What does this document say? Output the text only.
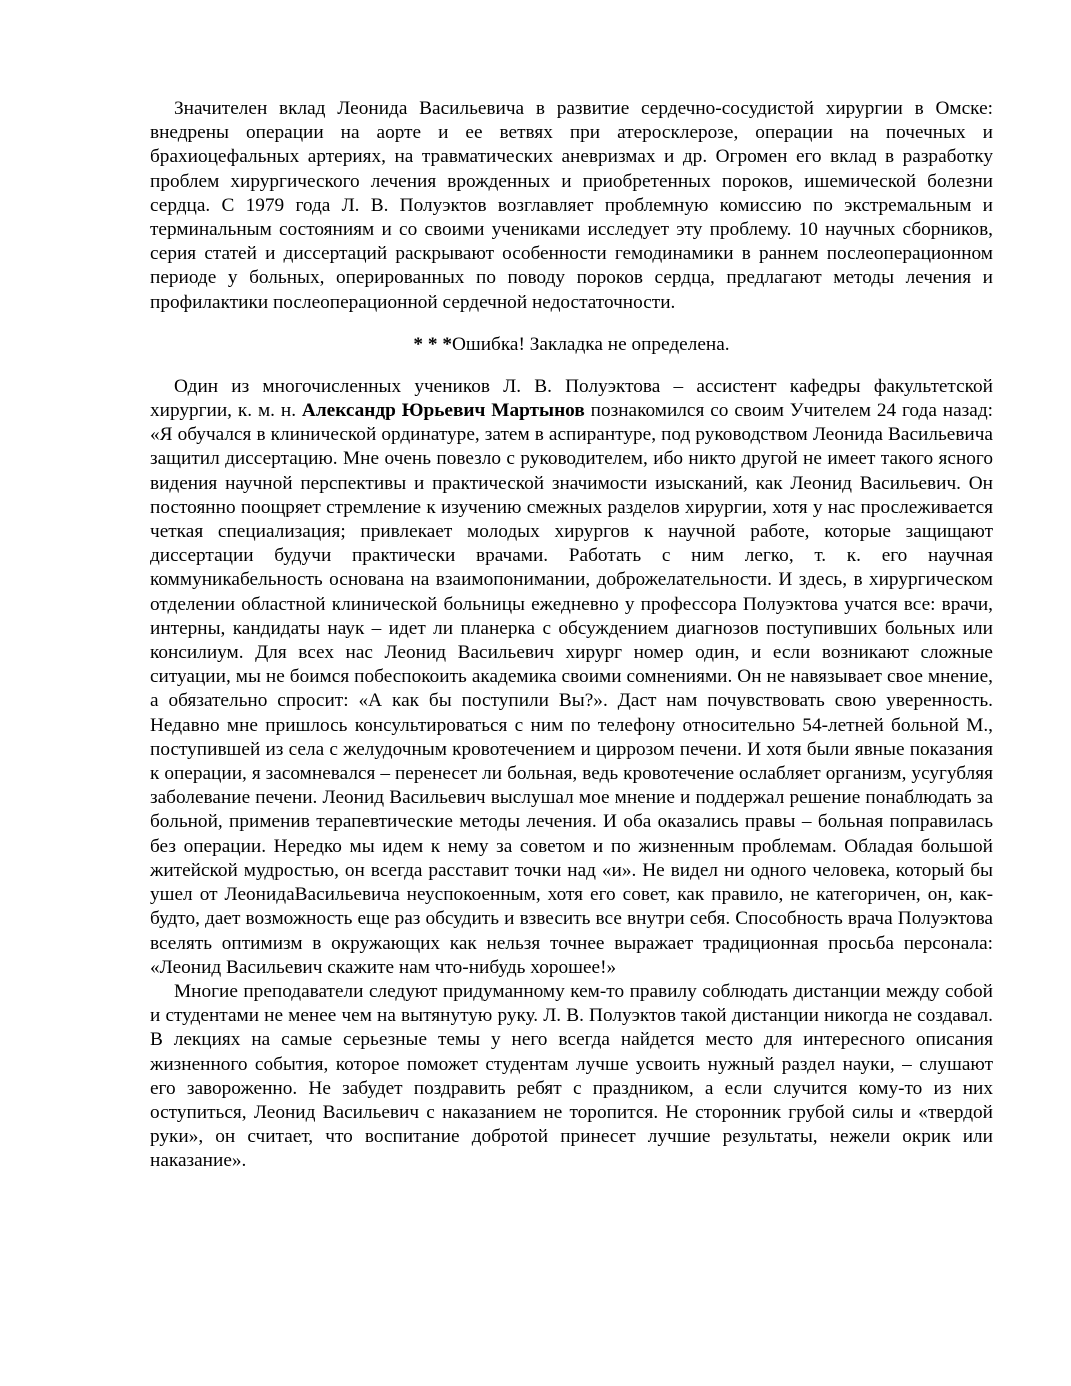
Значителен вклад Леонида Васильевича в развитие сердечно-сосудистой хирургии в Омске: внедрены операции на аорте и ее ветвях при атеросклерозе, операции на почечных и брахиоцефальных артериях, на травматических аневризмах и др. Огромен его вклад в разработку проблем хирургического лечения врожденных и приобретенных пороков, ишемической болезни сердца. С 1979 года Л. В. Полуэктов возглавляет проблемную комиссию по экстремальным и терминальным состояниям и со своими учениками исследует эту проблему. 10 научных сборников, серия статей и диссертаций раскрывают особенности гемодинамики в раннем послеоперационном периоде у больных, оперированных по поводу пороков сердца, предлагают методы лечения и профилактики послеоперационной сердечной недостаточности.

* * *Ошибка! Закладка не определена.

Один из многочисленных учеников Л. В. Полуэктова – ассистент кафедры факультетской хирургии, к. м. н. Александр Юрьевич Мартынов познакомился со своим Учителем 24 года назад: «Я обучался в клинической ординатуре, затем в аспирантуре, под руководством Леонида Васильевича защитил диссертацию. Мне очень повезло с руководителем, ибо никто другой не имеет такого ясного видения научной перспективы и практической значимости изысканий, как Леонид Васильевич. Он постоянно поощряет стремление к изучению смежных разделов хирургии, хотя у нас прослеживается четкая специализация; привлекает молодых хирургов к научной работе, которые защищают диссертации будучи практически врачами. Работать с ним легко, т. к. его научная коммуникабельность основана на взаимопонимании, доброжелательности. И здесь, в хирургическом отделении областной клинической больницы ежедневно у профессора Полуэктова учатся все: врачи, интерны, кандидаты наук – идет ли планерка с обсуждением диагнозов поступивших больных или консилиум. Для всех нас Леонид Васильевич хирург номер один, и если возникают сложные ситуации, мы не боимся побеспокоить академика своими сомнениями. Он не навязывает свое мнение, а обязательно спросит: «А как бы поступили Вы?». Даст нам почувствовать свою уверенность. Недавно мне пришлось консультироваться с ним по телефону относительно 54-летней больной М., поступившей из села с желудочным кровотечением и циррозом печени. И хотя были явные показания к операции, я засомневался – перенесет ли больная, ведь кровотечение ослабляет организм, усугубляя заболевание печени. Леонид Васильевич выслушал мое мнение и поддержал решение понаблюдать за больной, применив терапевтические методы лечения. И оба оказались правы – больная поправилась без операции. Нередко мы идем к нему за советом и по жизненным проблемам. Обладая большой житейской мудростью, он всегда расставит точки над «и». Не видел ни одного человека, который бы ушел от ЛеонидаВасильевича неуспокоенным, хотя его совет, как правило, не категоричен, он, как-будто, дает возможность еще раз обсудить и взвесить все внутри себя. Способность врача Полуэктова вселять оптимизм в окружающих как нельзя точнее выражает традиционная просьба персонала: «Леонид Васильевич скажите нам что-нибудь хорошее!»

Многие преподаватели следуют придуманному кем-то правилу соблюдать дистанции между собой и студентами не менее чем на вытянутую руку. Л. В. Полуэктов такой дистанции никогда не создавал. В лекциях на самые серьезные темы у него всегда найдется место для интересного описания жизненного события, которое поможет студентам лучше усвоить нужный раздел науки, – слушают его завороженно. Не забудет поздравить ребят с праздником, а если случится кому-то из них оступиться, Леонид Васильевич с наказанием не торопится. Не сторонник грубой силы и «твердой руки», он считает, что воспитание добротой принесет лучшие результаты, нежели окрик или наказание».
